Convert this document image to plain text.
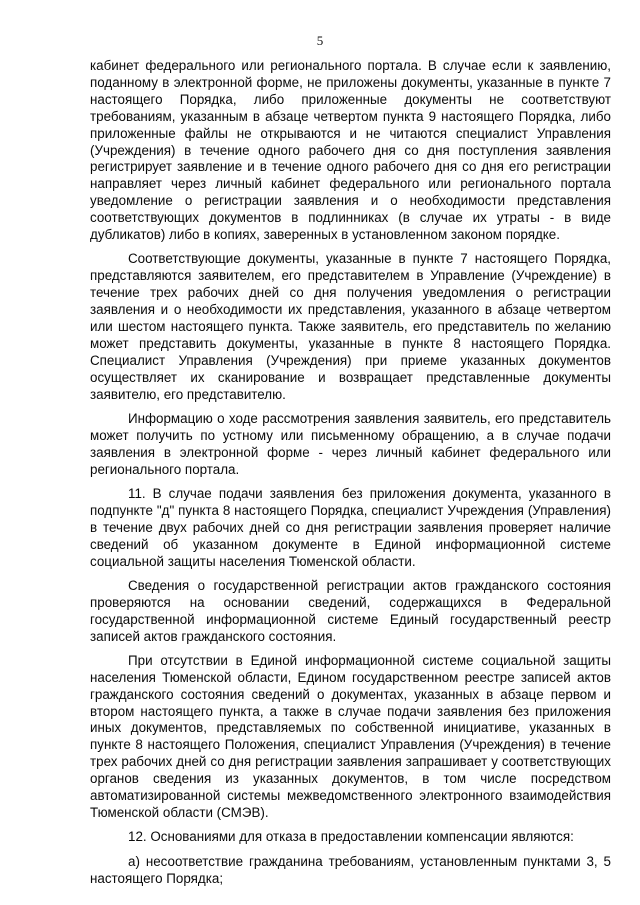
5

кабинет федерального или регионального портала. В случае если к заявлению, поданному в электронной форме, не приложены документы, указанные в пункте 7 настоящего Порядка, либо приложенные документы не соответствуют требованиям, указанным в абзаце четвертом пункта 9 настоящего Порядка, либо приложенные файлы не открываются и не читаются специалист Управления (Учреждения) в течение одного рабочего дня со дня поступления заявления регистрирует заявление и в течение одного рабочего дня со дня его регистрации направляет через личный кабинет федерального или регионального портала уведомление о регистрации заявления и о необходимости представления соответствующих документов в подлинниках (в случае их утраты - в виде дубликатов) либо в копиях, заверенных в установленном законом порядке.

Соответствующие документы, указанные в пункте 7 настоящего Порядка, представляются заявителем, его представителем в Управление (Учреждение) в течение трех рабочих дней со дня получения уведомления о регистрации заявления и о необходимости их представления, указанного в абзаце четвертом или шестом настоящего пункта. Также заявитель, его представитель по желанию может представить документы, указанные в пункте 8 настоящего Порядка. Специалист Управления (Учреждения) при приеме указанных документов осуществляет их сканирование и возвращает представленные документы заявителю, его представителю.

Информацию о ходе рассмотрения заявления заявитель, его представитель может получить по устному или письменному обращению, а в случае подачи заявления в электронной форме - через личный кабинет федерального или регионального портала.

11. В случае подачи заявления без приложения документа, указанного в подпункте "д" пункта 8 настоящего Порядка, специалист Учреждения (Управления) в течение двух рабочих дней со дня регистрации заявления проверяет наличие сведений об указанном документе в Единой информационной системе социальной защиты населения Тюменской области.

Сведения о государственной регистрации актов гражданского состояния проверяются на основании сведений, содержащихся в Федеральной государственной информационной системе Единый государственный реестр записей актов гражданского состояния.

При отсутствии в Единой информационной системе социальной защиты населения Тюменской области, Едином государственном реестре записей актов гражданского состояния сведений о документах, указанных в абзаце первом и втором настоящего пункта, а также в случае подачи заявления без приложения иных документов, представляемых по собственной инициативе, указанных в пункте 8 настоящего Положения, специалист Управления (Учреждения) в течение трех рабочих дней со дня регистрации заявления запрашивает у соответствующих органов сведения из указанных документов, в том числе посредством автоматизированной системы межведомственного электронного взаимодействия Тюменской области (СМЭВ).

12. Основаниями для отказа в предоставлении компенсации являются:

а) несоответствие гражданина требованиям, установленным пунктами 3, 5 настоящего Порядка;
